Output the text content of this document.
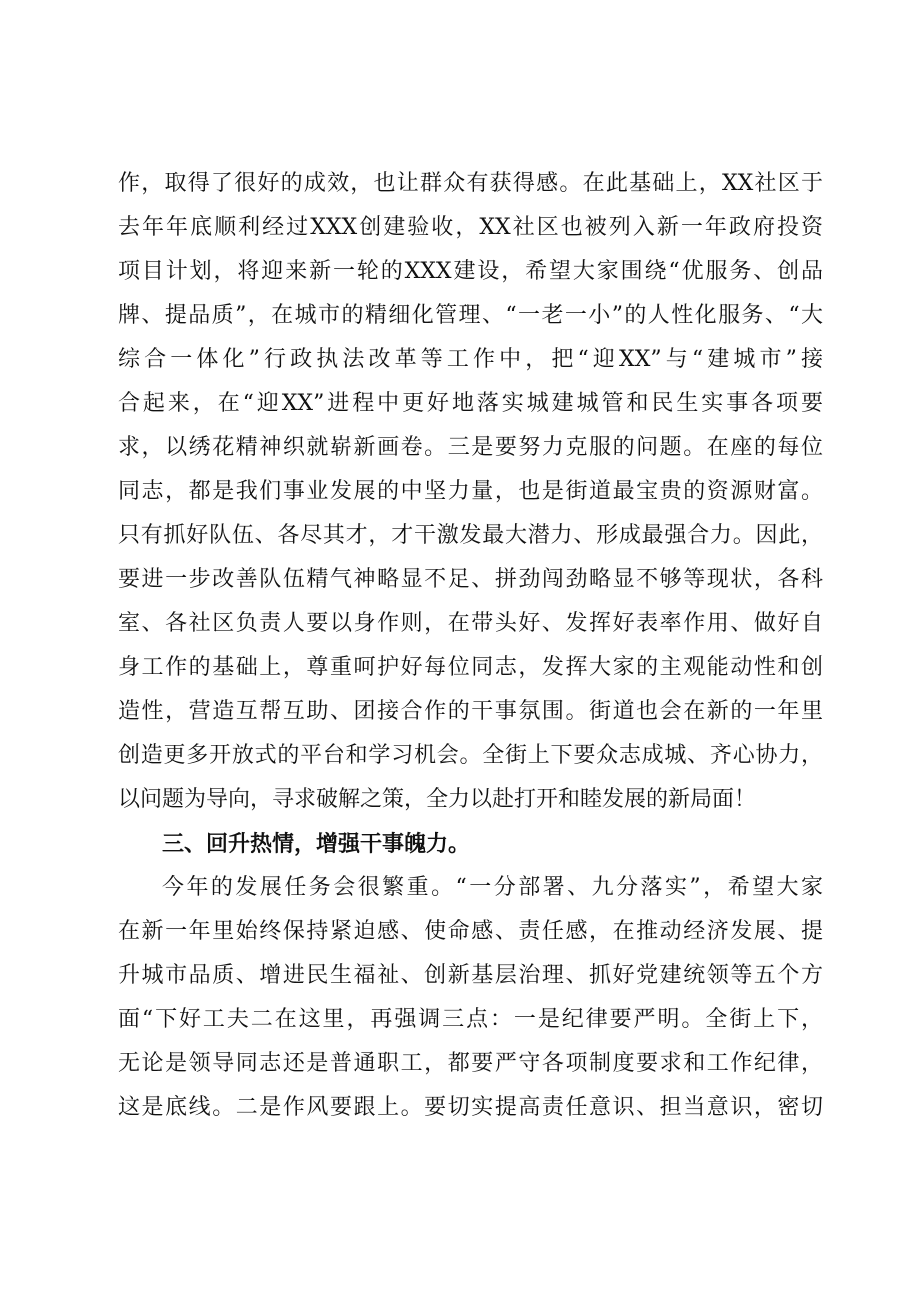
作，取得了很好的成效，也让群众有获得感。在此基础上，XX社区于
去年年底顺利经过XXX创建验收，XX社区也被列入新一年政府投资
项目计划，将迎来新一轮的XXX建设，希望大家围绕“优服务、创品
牌、提品质”，在城市的精细化管理、“一老一小”的人性化服务、“大
综合一体化”行政执法改革等工作中，把“迎XX”与“建城市”接
合起来，在“迎XX”进程中更好地落实城建城管和民生实事各项要
求，以绣花精神织就崭新画卷。三是要努力克服的问题。在座的每位
同志，都是我们事业发展的中坚力量，也是街道最宝贵的资源财富。
只有抓好队伍、各尽其才，才干激发最大潜力、形成最强合力。因此，
要进一步改善队伍精气神略显不足、拼劲闯劲略显不够等现状，各科
室、各社区负责人要以身作则，在带头好、发挥好表率作用、做好自
身工作的基础上，尊重呵护好每位同志，发挥大家的主观能动性和创
造性，营造互帮互助、团接合作的干事氛围。街道也会在新的一年里
创造更多开放式的平台和学习机会。全街上下要众志成城、齐心协力，
以问题为导向，寻求破解之策，全力以赴打开和睦发展的新局面！
三、回升热情，增强干事魄力。
今年的发展任务会很繁重。“一分部署、九分落实”，希望大家
在新一年里始终保持紧迫感、使命感、责任感，在推动经济发展、提
升城市品质、增进民生福祉、创新基层治理、抓好党建统领等五个方
面“下好工夫二在这里，再强调三点：一是纪律要严明。全街上下，
无论是领导同志还是普通职工，都要严守各项制度要求和工作纪律，
这是底线。二是作风要跟上。要切实提高责任意识、担当意识，密切
